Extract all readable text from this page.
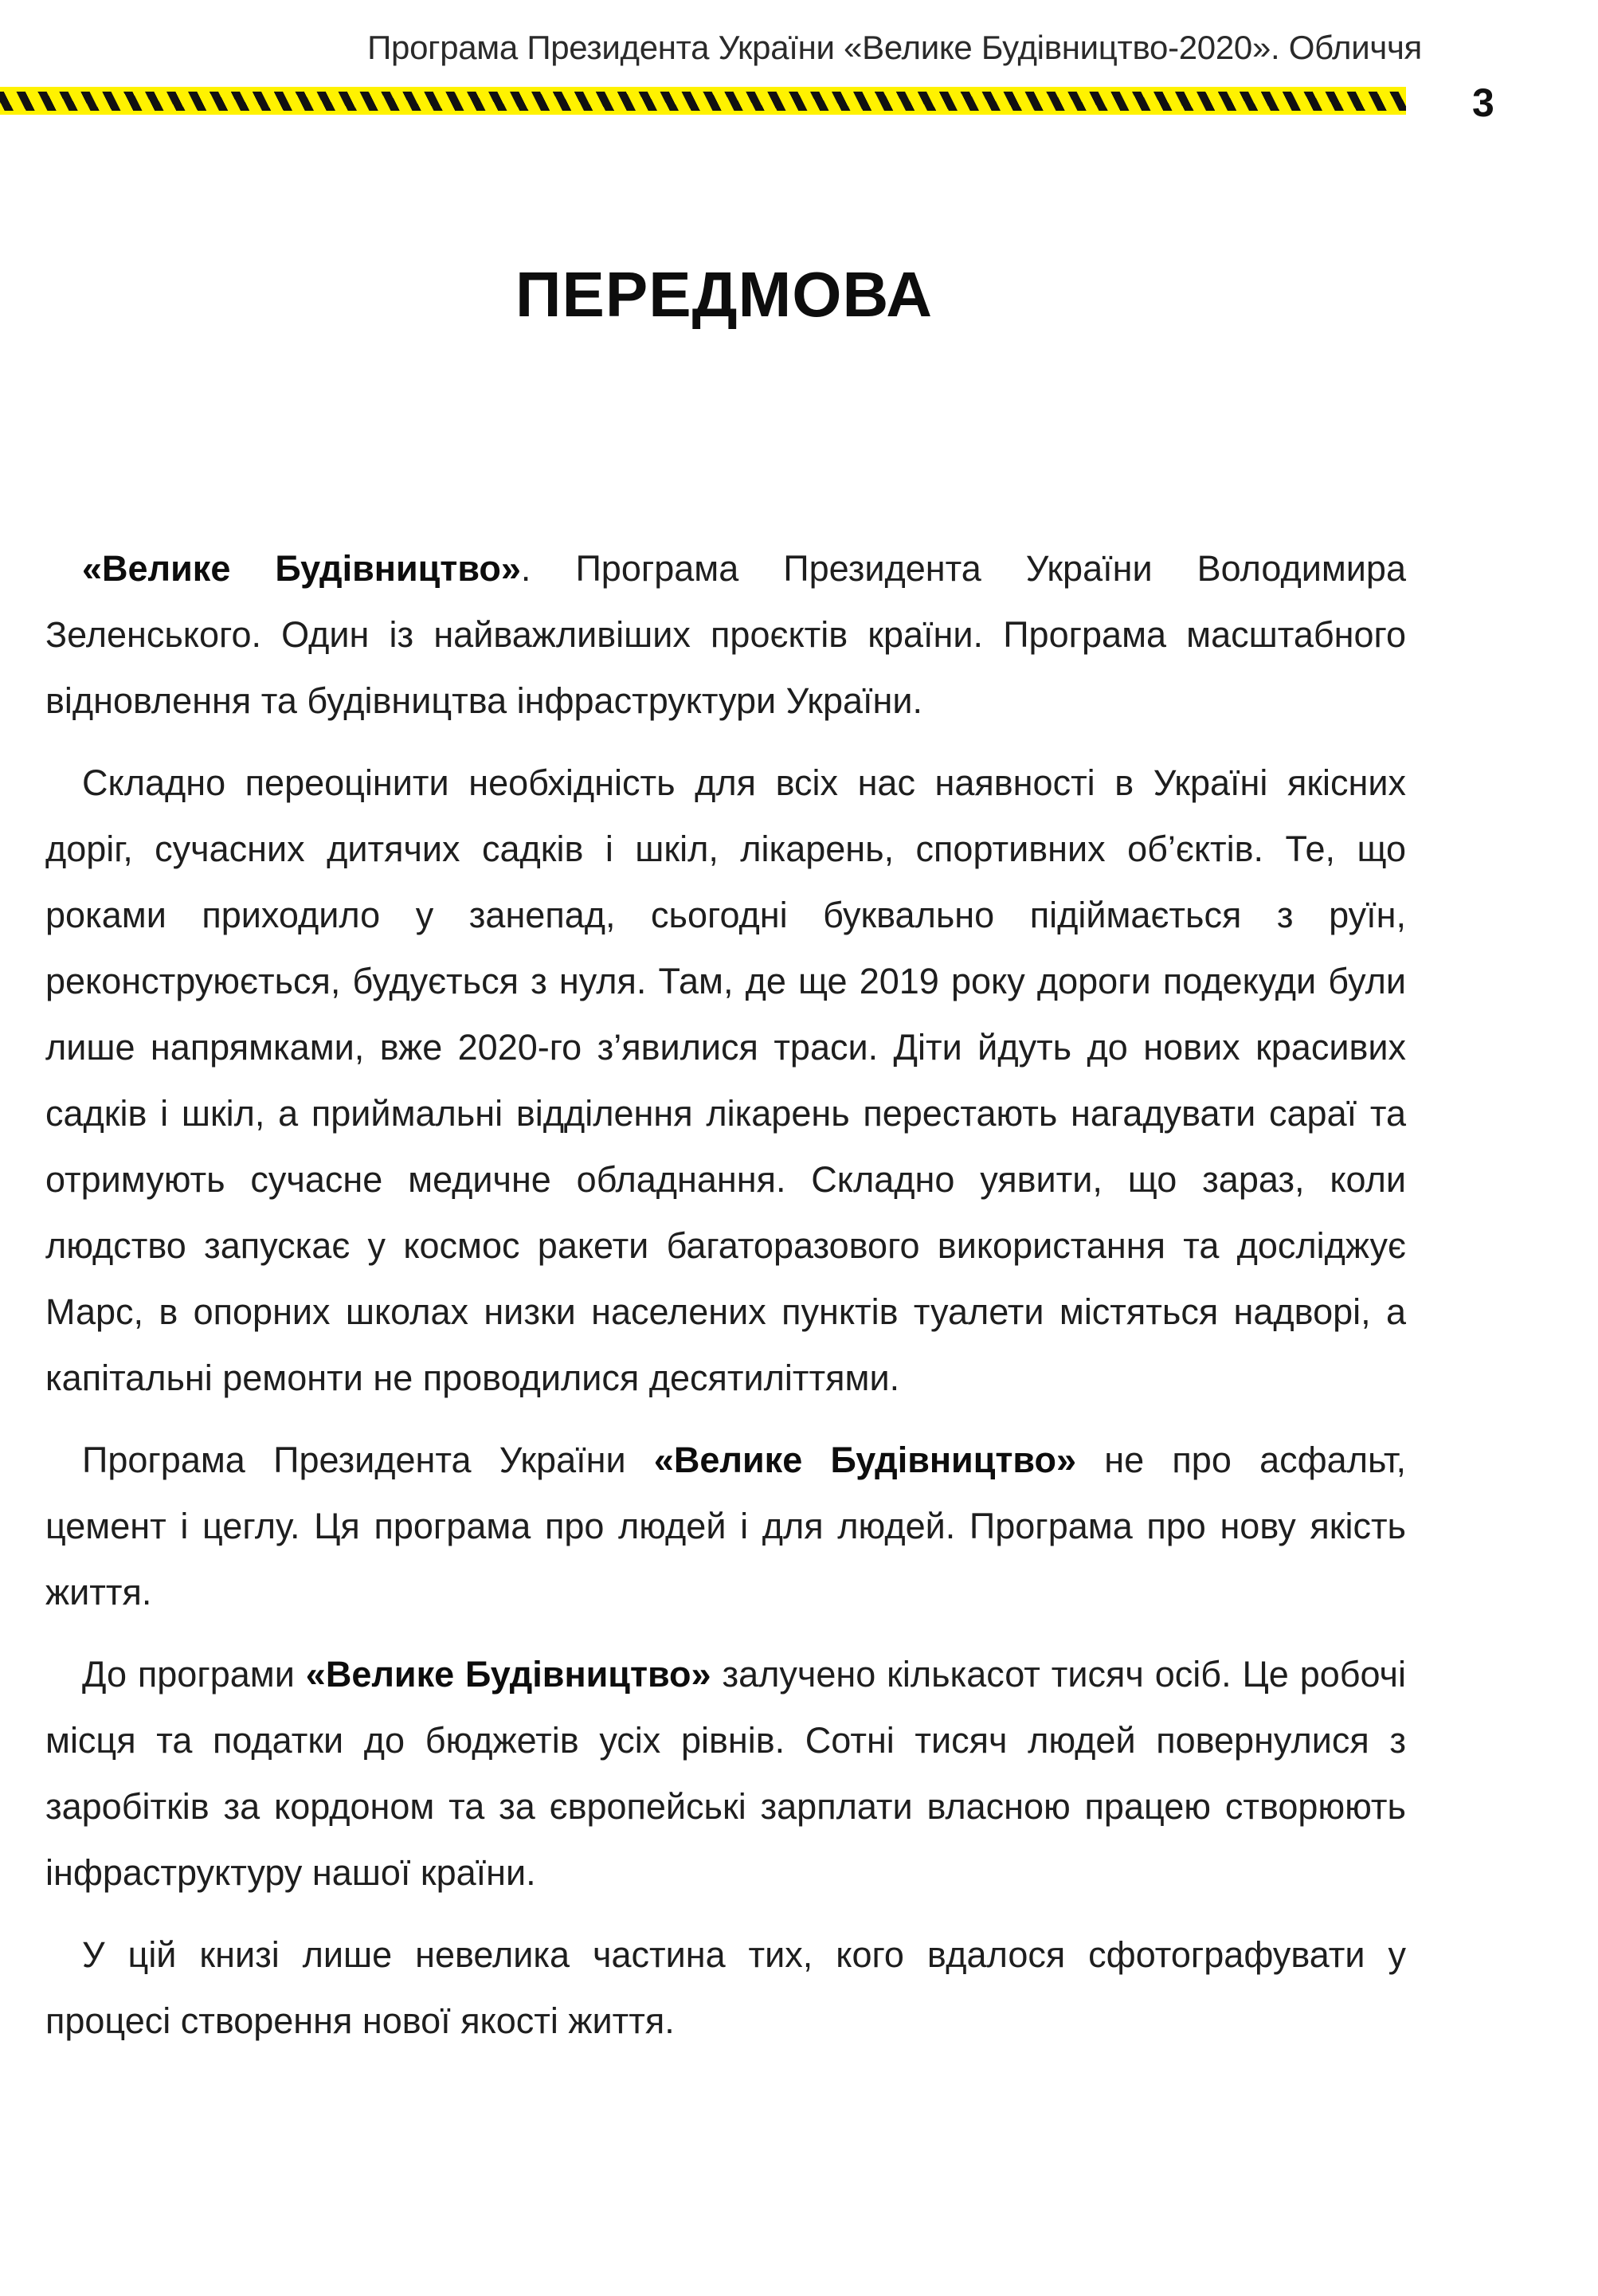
Програма Президента України «Велике Будівництво-2020». Обличчя
3
ПЕРЕДМОВА

«Велике Будівництво». Програма Президента України Володимира Зеленського. Один із найважливіших проєктів країни. Програма масштабного відновлення та будівництва інфраструктури України.

Складно переоцінити необхідність для всіх нас наявності в Україні якісних доріг, сучасних дитячих садків і шкіл, лікарень, спортивних об’єктів. Те, що роками приходило у занепад, сьогодні буквально підіймається з руїн, реконструюється, будується з нуля. Там, де ще 2019 року дороги подекуди були лише напрямками, вже 2020-го з’явилися траси. Діти йдуть до нових красивих садків і шкіл, а приймальні відділення лікарень перестають нагадувати сараї та отримують сучасне медичне обладнання. Складно уявити, що зараз, коли людство запускає у космос ракети багаторазового використання та досліджує Марс, в опорних школах низки населених пунктів туалети містяться надворі, а капітальні ремонти не проводилися десятиліттями.

Програма Президента України «Велике Будівництво» не про асфальт, цемент і цеглу. Ця програма про людей і для людей. Програма про нову якість життя.

До програми «Велике Будівництво» залучено кількасот тисяч осіб. Це робочі місця та податки до бюджетів усіх рівнів. Сотні тисяч людей повернулися з заробітків за кордоном та за європейські зарплати власною працею створюють інфраструктуру нашої країни.

У цій книзі лише невелика частина тих, кого вдалося сфотографувати у процесі створення нової якості життя.
